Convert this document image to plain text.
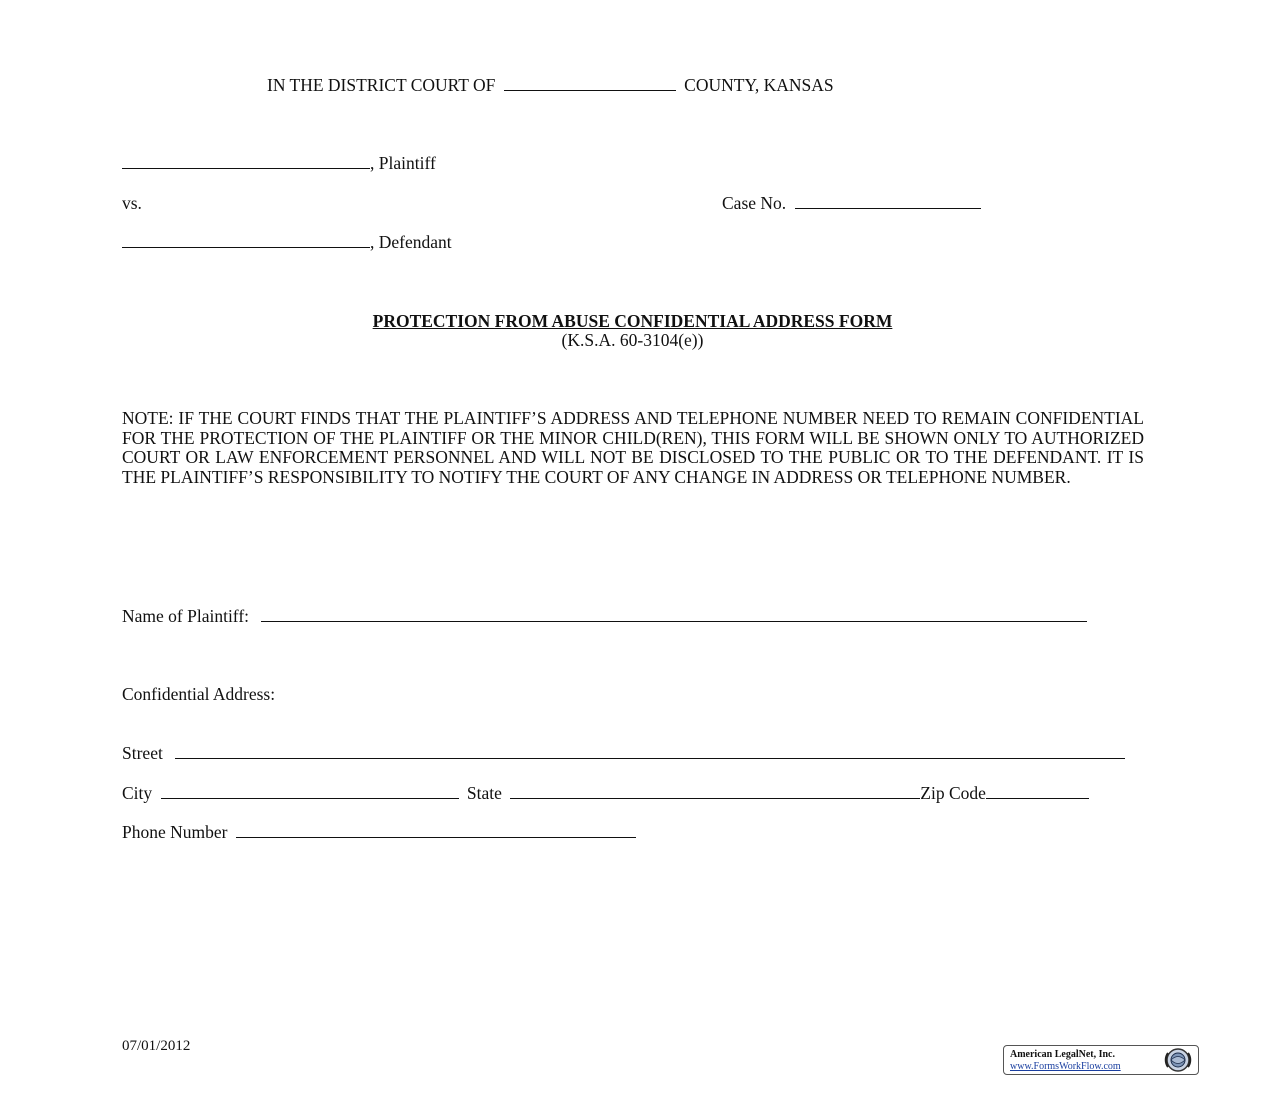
IN THE DISTRICT COURT OF	COUNTY, KANSAS
, Plaintiff
vs.	Case No.
, Defendant
PROTECTION FROM ABUSE CONFIDENTIAL ADDRESS FORM
(K.S.A. 60-3104(e))
NOTE: IF THE COURT FINDS THAT THE PLAINTIFF’S ADDRESS AND TELEPHONE NUMBER NEED TO REMAIN CONFIDENTIAL FOR THE PROTECTION OF THE PLAINTIFF OR THE MINOR CHILD(REN), THIS FORM WILL BE SHOWN ONLY TO AUTHORIZED COURT OR LAW ENFORCEMENT PERSONNEL AND WILL NOT BE DISCLOSED TO THE PUBLIC OR TO THE DEFENDANT. IT IS THE PLAINTIFF’S RESPONSIBILITY TO NOTIFY THE COURT OF ANY CHANGE IN ADDRESS OR TELEPHONE NUMBER.
Name of Plaintiff:
Confidential Address:
Street
City	State	Zip Code
Phone Number
07/01/2012
American LegalNet, Inc.
www.FormsWorkFlow.com
